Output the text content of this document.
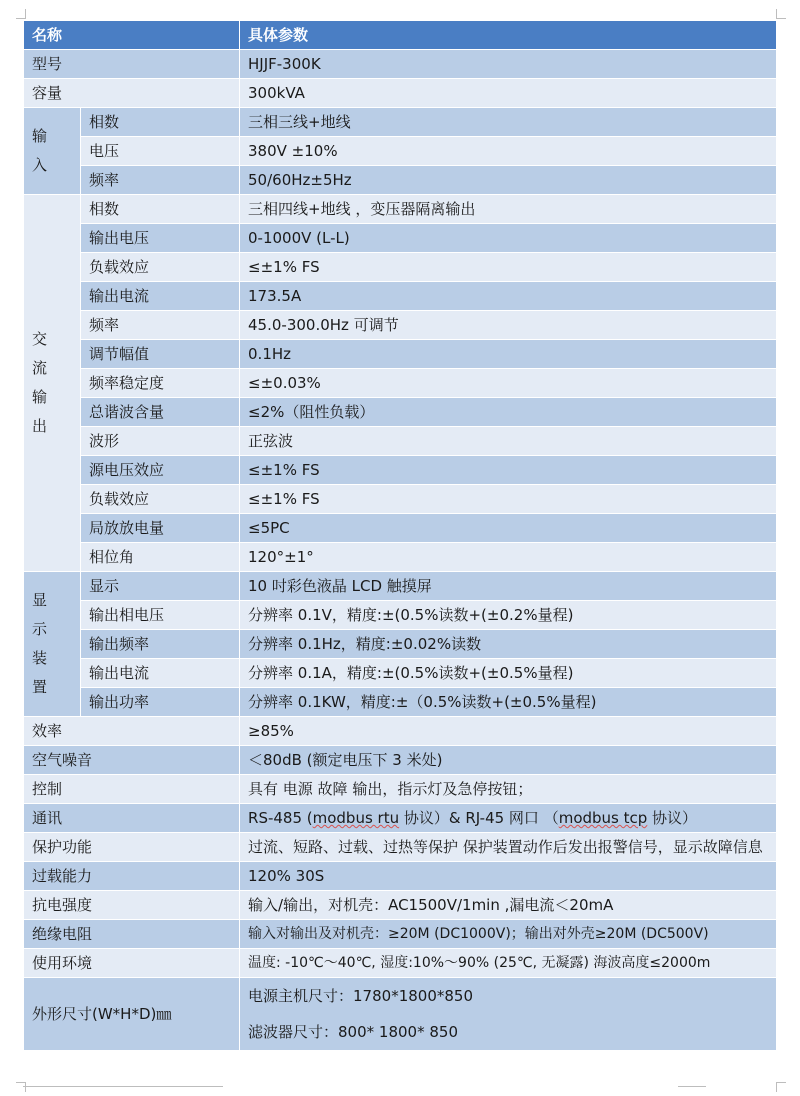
名称		具体参数
型号		HJJF-300K
容量		300kVA

输
入	相数	三相三线+地线
	电压	380V ±10%
	频率	50/60Hz±5Hz

交
流
输
出	相数	三相四线+地线 ，变压器隔离输出
	输出电压	0-1000V (L-L)
	负载效应	≤±1% FS
	输出电流	173.5A
	频率	45.0-300.0Hz 可调节
	调节幅值	0.1Hz
	频率稳定度	≤±0.03%
	总谐波含量	≤2%（阻性负载）
	波形	正弦波
	源电压效应	≤±1% FS
	负载效应	≤±1% FS
	局放放电量	≤5PC
	相位角	120°±1°

显
示
装
置	显示	10 吋彩色液晶 LCD 触摸屏
	输出相电压	分辨率 0.1V，精度:±(0.5%读数+(±0.2%量程)
	输出频率	分辨率 0.1Hz，精度:±0.02%读数
	输出电流	分辨率 0.1A，精度:±(0.5%读数+(±0.5%量程)
	输出功率	分辨率 0.1KW，精度:±（0.5%读数+(±0.5%量程)
效率		≥85%
空气噪音		＜80dB (额定电压下 3 米处)
控制		具有 电源 故障 输出，指示灯及急停按钮；
通讯		RS-485 (modbus rtu 协议）& RJ-45 网口 （modbus tcp 协议）
保护功能		过流、短路、过载、过热等保护 保护装置动作后发出报警信号，显示故障信息
过载能力		120% 30S
抗电强度		输入/输出，对机壳：AC1500V/1min ,漏电流＜20mA
绝缘电阻		输入对输出及对机壳：≥20M (DC1000V)；输出对外壳≥20M (DC500V)
使用环境		温度: -10℃～40℃, 湿度:10%～90% (25℃, 无凝露) 海波高度≤2000m
外形尺寸(W*H*D)㎜		电源主机尺寸：1780*1800*850
滤波器尺寸：800* 1800* 850
